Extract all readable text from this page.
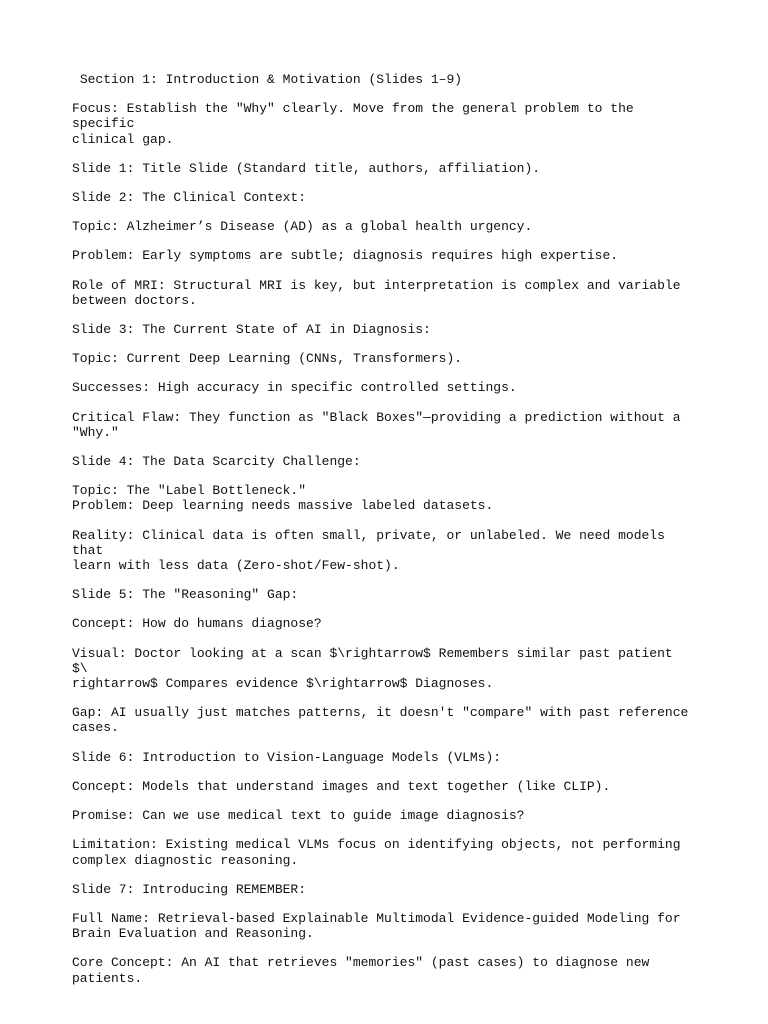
Section 1: Introduction & Motivation (Slides 1–9)
Focus: Establish the "Why" clearly. Move from the general problem to the specific
clinical gap.
Slide 1: Title Slide (Standard title, authors, affiliation).
Slide 2: The Clinical Context:
Topic: Alzheimer’s Disease (AD) as a global health urgency.
Problem: Early symptoms are subtle; diagnosis requires high expertise.
Role of MRI: Structural MRI is key, but interpretation is complex and variable
between doctors.
Slide 3: The Current State of AI in Diagnosis:
Topic: Current Deep Learning (CNNs, Transformers).
Successes: High accuracy in specific controlled settings.
Critical Flaw: They function as "Black Boxes"—providing a prediction without a
"Why."
Slide 4: The Data Scarcity Challenge:
Topic: The "Label Bottleneck."
Problem: Deep learning needs massive labeled datasets.
Reality: Clinical data is often small, private, or unlabeled. We need models that
learn with less data (Zero-shot/Few-shot).
Slide 5: The "Reasoning" Gap:
Concept: How do humans diagnose?
Visual: Doctor looking at a scan $\rightarrow$ Remembers similar past patient $\
rightarrow$ Compares evidence $\rightarrow$ Diagnoses.
Gap: AI usually just matches patterns, it doesn't "compare" with past reference
cases.
Slide 6: Introduction to Vision-Language Models (VLMs):
Concept: Models that understand images and text together (like CLIP).
Promise: Can we use medical text to guide image diagnosis?
Limitation: Existing medical VLMs focus on identifying objects, not performing
complex diagnostic reasoning.
Slide 7: Introducing REMEMBER:
Full Name: Retrieval-based Explainable Multimodal Evidence-guided Modeling for
Brain Evaluation and Reasoning.
Core Concept: An AI that retrieves "memories" (past cases) to diagnose new
patients.
